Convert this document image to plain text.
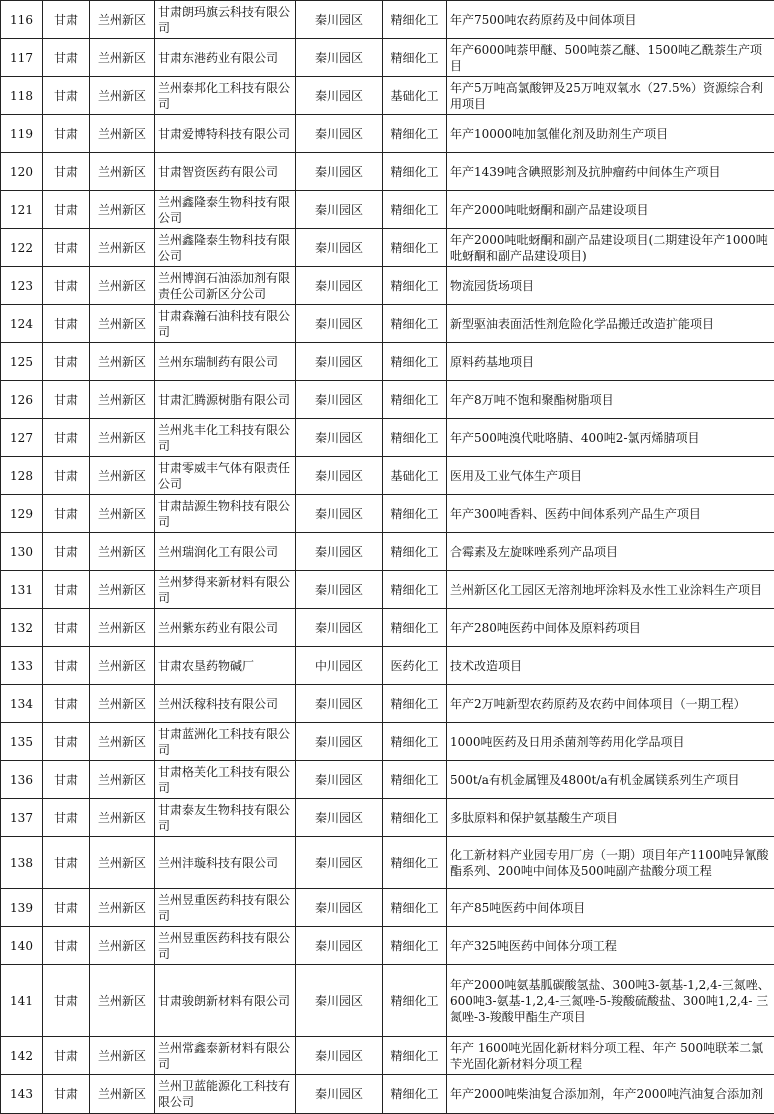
116	甘肃	兰州新区	甘肃朗玛旗云科技有限公司	秦川园区	精细化工	年产7500吨农药原药及中间体项目
117	甘肃	兰州新区	甘肃东港药业有限公司	秦川园区	精细化工	年产6000吨萘甲醚、500吨萘乙醚、1500吨乙酰萘生产项目
118	甘肃	兰州新区	兰州泰邦化工科技有限公司	秦川园区	基础化工	年产5万吨高氯酸钾及25万吨双氧水（27.5%）资源综合利用项目
119	甘肃	兰州新区	甘肃爱博特科技有限公司	秦川园区	精细化工	年产10000吨加氢催化剂及助剂生产项目
120	甘肃	兰州新区	甘肃智资医药有限公司	秦川园区	精细化工	年产1439吨含碘照影剂及抗肿瘤药中间体生产项目
121	甘肃	兰州新区	兰州鑫隆泰生物科技有限公司	秦川园区	精细化工	年产2000吨吡蚜酮和副产品建设项目
122	甘肃	兰州新区	兰州鑫隆泰生物科技有限公司	秦川园区	精细化工	年产2000吨吡蚜酮和副产品建设项目(二期建设年产1000吨吡蚜酮和副产品建设项目)
123	甘肃	兰州新区	兰州博润石油添加剂有限责任公司新区分公司	秦川园区	精细化工	物流园货场项目
124	甘肃	兰州新区	甘肃森瀚石油科技有限公司	秦川园区	精细化工	新型驱油表面活性剂危险化学品搬迁改造扩能项目
125	甘肃	兰州新区	兰州东瑞制药有限公司	秦川园区	精细化工	原料药基地项目
126	甘肃	兰州新区	甘肃汇腾源树脂有限公司	秦川园区	精细化工	年产8万吨不饱和聚酯树脂项目
127	甘肃	兰州新区	兰州兆丰化工科技有限公司	秦川园区	精细化工	年产500吨溴代吡咯腈、400吨2-氯丙烯腈项目
128	甘肃	兰州新区	甘肃零威丰气体有限责任公司	秦川园区	基础化工	医用及工业气体生产项目
129	甘肃	兰州新区	甘肃喆源生物科技有限公司	秦川园区	精细化工	年产300吨香料、医药中间体系列产品生产项目
130	甘肃	兰州新区	兰州瑞润化工有限公司	秦川园区	精细化工	合霉素及左旋咪唑系列产品项目
131	甘肃	兰州新区	兰州梦得来新材料有限公司	秦川园区	精细化工	兰州新区化工园区无溶剂地坪涂料及水性工业涂料生产项目
132	甘肃	兰州新区	兰州紫东药业有限公司	秦川园区	精细化工	年产280吨医药中间体及原料药项目
133	甘肃	兰州新区	甘肃农垦药物碱厂	中川园区	医药化工	技术改造项目
134	甘肃	兰州新区	兰州沃稼科技有限公司	秦川园区	精细化工	年产2万吨新型农药原药及农药中间体项目（一期工程）
135	甘肃	兰州新区	甘肃蓝洲化工科技有限公司	秦川园区	精细化工	1000吨医药及日用杀菌剂等药用化学品项目
136	甘肃	兰州新区	甘肃格芙化工科技有限公司	秦川园区	精细化工	500t/a有机金属锂及4800t/a有机金属镁系列生产项目
137	甘肃	兰州新区	甘肃泰友生物科技有限公司	秦川园区	精细化工	多肽原料和保护氨基酸生产项目
138	甘肃	兰州新区	兰州沣璇科技有限公司	秦川园区	精细化工	化工新材料产业园专用厂房（一期）项目年产1100吨异氰酸酯系列、200吨中间体及500吨副产盐酸分项工程
139	甘肃	兰州新区	兰州昱重医药科技有限公司	秦川园区	精细化工	年产85吨医药中间体项目
140	甘肃	兰州新区	兰州昱重医药科技有限公司	秦川园区	精细化工	年产325吨医药中间体分项工程
141	甘肃	兰州新区	甘肃骏朗新材料有限公司	秦川园区	精细化工	年产2000吨氨基胍碳酸氢盐、300吨3-氨基-1,2,4-三氮唑、600吨3-氨基-1,2,4-三氮唑-5-羧酸硫酸盐、300吨1,2,4- 三氮唑-3-羧酸甲酯生产项目
142	甘肃	兰州新区	兰州常鑫泰新材料有限公司	秦川园区	精细化工	年产 1600吨光固化新材料分项工程、年产 500吨联苯二氯苄光固化新材料分项工程
143	甘肃	兰州新区	兰州卫蓝能源化工科技有限公司	秦川园区	精细化工	年产2000吨柴油复合添加剂，年产2000吨汽油复合添加剂
